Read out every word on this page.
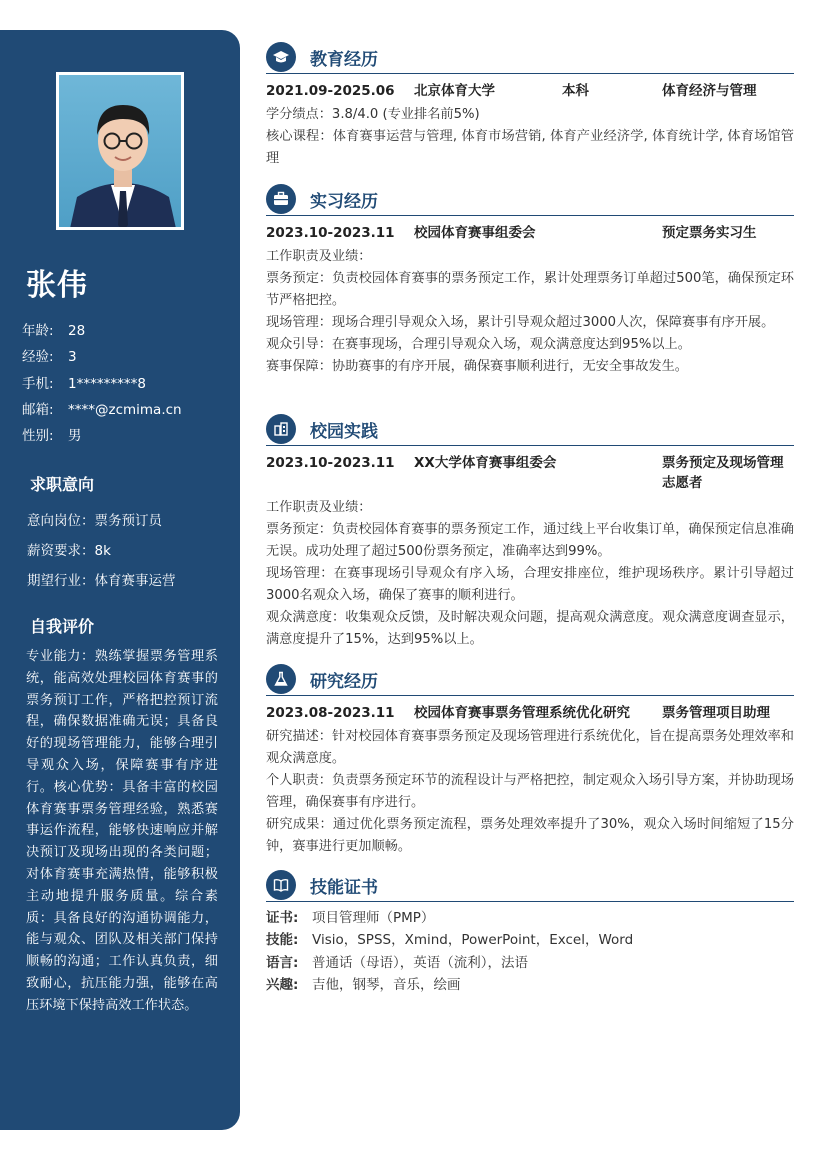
张伟
年龄:	28
经验:	3
手机:	1*********8
邮箱:	****@zcmima.cn
性别:	男
求职意向
意向岗位：票务预订员
薪资要求：8k
期望行业：体育赛事运营
自我评价
专业能力：熟练掌握票务管理系统，能高效处理校园体育赛事的票务预订工作，严格把控预订流程，确保数据准确无误；具备良好的现场管理能力，能够合理引导观众入场，保障赛事有序进行。核心优势：具备丰富的校园体育赛事票务管理经验，熟悉赛事运作流程，能够快速响应并解决预订及现场出现的各类问题；对体育赛事充满热情，能够积极主动地提升服务质量。综合素质：具备良好的沟通协调能力，能与观众、团队及相关部门保持顺畅的沟通；工作认真负责，细致耐心，抗压能力强，能够在高压环境下保持高效工作状态。
教育经历
2021.09-2025.06	北京体育大学	本科	体育经济与管理
学分绩点：3.8/4.0 (专业排名前5%)
核心课程：体育赛事运营与管理, 体育市场营销, 体育产业经济学, 体育统计学, 体育场馆管理
实习经历
2023.10-2023.11	校园体育赛事组委会	预定票务实习生
工作职责及业绩：
票务预定：负责校园体育赛事的票务预定工作，累计处理票务订单超过500笔，确保预定环节严格把控。
现场管理：现场合理引导观众入场，累计引导观众超过3000人次，保障赛事有序开展。
观众引导：在赛事现场，合理引导观众入场，观众满意度达到95%以上。
赛事保障：协助赛事的有序开展，确保赛事顺利进行，无安全事故发生。
校园实践
2023.10-2023.11	XX大学体育赛事组委会	票务预定及现场管理志愿者
工作职责及业绩：
票务预定：负责校园体育赛事的票务预定工作，通过线上平台收集订单，确保预定信息准确无误。成功处理了超过500份票务预定，准确率达到99%。
现场管理：在赛事现场引导观众有序入场，合理安排座位，维护现场秩序。累计引导超过3000名观众入场，确保了赛事的顺利进行。
观众满意度：收集观众反馈，及时解决观众问题，提高观众满意度。观众满意度调查显示，满意度提升了15%，达到95%以上。
研究经历
2023.08-2023.11	校园体育赛事票务管理系统优化研究	票务管理项目助理
研究描述：针对校园体育赛事票务预定及现场管理进行系统优化，旨在提高票务处理效率和观众满意度。
个人职责：负责票务预定环节的流程设计与严格把控，制定观众入场引导方案，并协助现场管理，确保赛事有序进行。
研究成果：通过优化票务预定流程，票务处理效率提升了30%，观众入场时间缩短了15分钟，赛事进行更加顺畅。
技能证书
证书:	项目管理师（PMP）
技能:	Visio，SPSS，Xmind，PowerPoint，Excel，Word
语言:	普通话（母语），英语（流利），法语
兴趣:	吉他，钢琴，音乐，绘画
